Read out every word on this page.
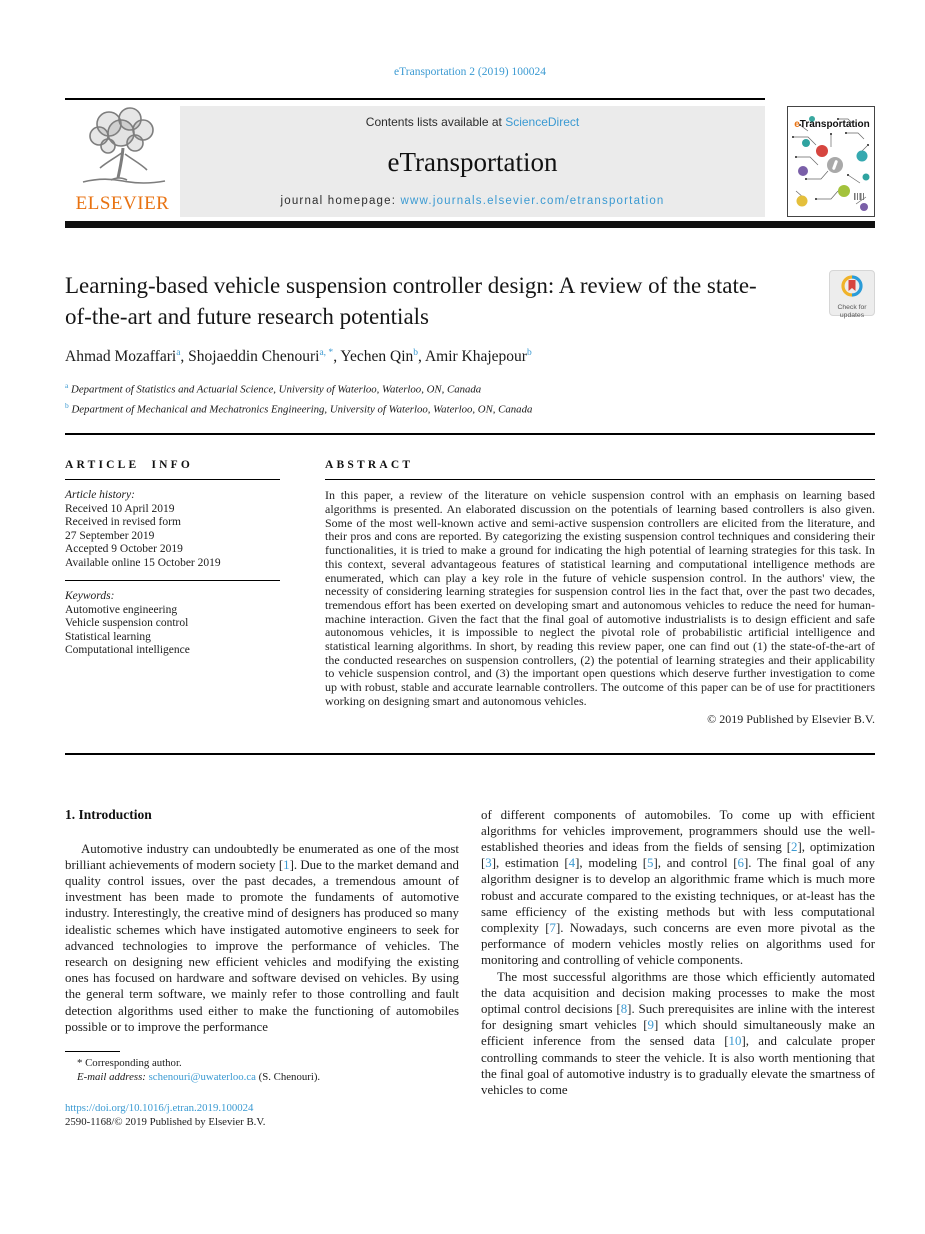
eTransportation 2 (2019) 100024
ELSEVIER
Contents lists available at ScienceDirect
eTransportation
journal homepage: www.journals.elsevier.com/etransportation
eTransportation
Learning-based vehicle suspension controller design: A review of the state-of-the-art and future research potentials	Check for
updates
Ahmad Mozaffari$^a$, Shojaeddin Chenouri$^{a, *}$, Yechen Qin$^b$, Amir Khajepour$^b$
$^a$ Department of Statistics and Actuarial Science, University of Waterloo, Waterloo, ON, Canada
$^b$ Department of Mechanical and Mechatronics Engineering, University of Waterloo, Waterloo, ON, Canada
ARTICLE INFO
Article history:
Received 10 April 2019
Received in revised form
27 September 2019
Accepted 9 October 2019
Available online 15 October 2019
Keywords:
Automotive engineering
Vehicle suspension control
Statistical learning
Computational intelligence
ABSTRACT
In this paper, a review of the literature on vehicle suspension control with an emphasis on learning based algorithms is presented. An elaborated discussion on the potentials of learning based controllers is also given. Some of the most well-known active and semi-active suspension controllers are elicited from the literature, and their pros and cons are reported. By categorizing the existing suspension control techniques and considering their functionalities, it is tried to make a ground for indicating the high potential of learning strategies for this task. In this context, several advantageous features of statistical learning and computational intelligence methods are enumerated, which can play a key role in the future of vehicle suspension control. In the authors' view, the necessity of considering learning strategies for suspension control lies in the fact that, over the past two decades, tremendous effort has been exerted on developing smart and autonomous vehicles to reduce the need for human-machine interaction. Given the fact that the final goal of automotive industrialists is to design efficient and safe autonomous vehicles, it is impossible to neglect the pivotal role of probabilistic artificial intelligence and statistical learning algorithms. In short, by reading this review paper, one can find out (1) the state-of-the-art of the conducted researches on suspension controllers, (2) the potential of learning strategies and their applicability to vehicle suspension control, and (3) the important open questions which deserve further investigation to come up with robust, stable and accurate learnable controllers. The outcome of this paper can be of use for practitioners working on designing smart and autonomous vehicles.
© 2019 Published by Elsevier B.V.
1. Introduction
Automotive industry can undoubtedly be enumerated as one of the most brilliant achievements of modern society [1]. Due to the market demand and quality control issues, over the past decades, a tremendous amount of investment has been made to promote the fundaments of automotive industry. Interestingly, the creative mind of designers has produced so many idealistic schemes which have instigated automotive engineers to seek for advanced technologies to improve the performance of vehicles. The research on designing new efficient vehicles and modifying the existing ones has focused on hardware and software devised on vehicles. By using the general term software, we mainly refer to those controlling and fault detection algorithms used either to make the functioning of automobiles possible or to improve the performance
* Corresponding author.
E-mail address: schenouri@uwaterloo.ca (S. Chenouri).
https://doi.org/10.1016/j.etran.2019.100024
2590-1168/© 2019 Published by Elsevier B.V.
of different components of automobiles. To come up with efficient algorithms for vehicles improvement, programmers should use the well-established theories and ideas from the fields of sensing [2], optimization [3], estimation [4], modeling [5], and control [6]. The final goal of any algorithm designer is to develop an algorithmic frame which is much more robust and accurate compared to the existing techniques, or at-least has the same efficiency of the existing methods but with less computational complexity [7]. Nowadays, such concerns are even more pivotal as the performance of modern vehicles mostly relies on algorithms used for monitoring and controlling of vehicle components.
The most successful algorithms are those which efficiently automated the data acquisition and decision making processes to make the most optimal control decisions [8]. Such prerequisites are inline with the interest for designing smart vehicles [9] which should simultaneously make an efficient inference from the sensed data [10], and calculate proper controlling commands to steer the vehicle. It is also worth mentioning that the final goal of automotive industry is to gradually elevate the smartness of vehicles to come
